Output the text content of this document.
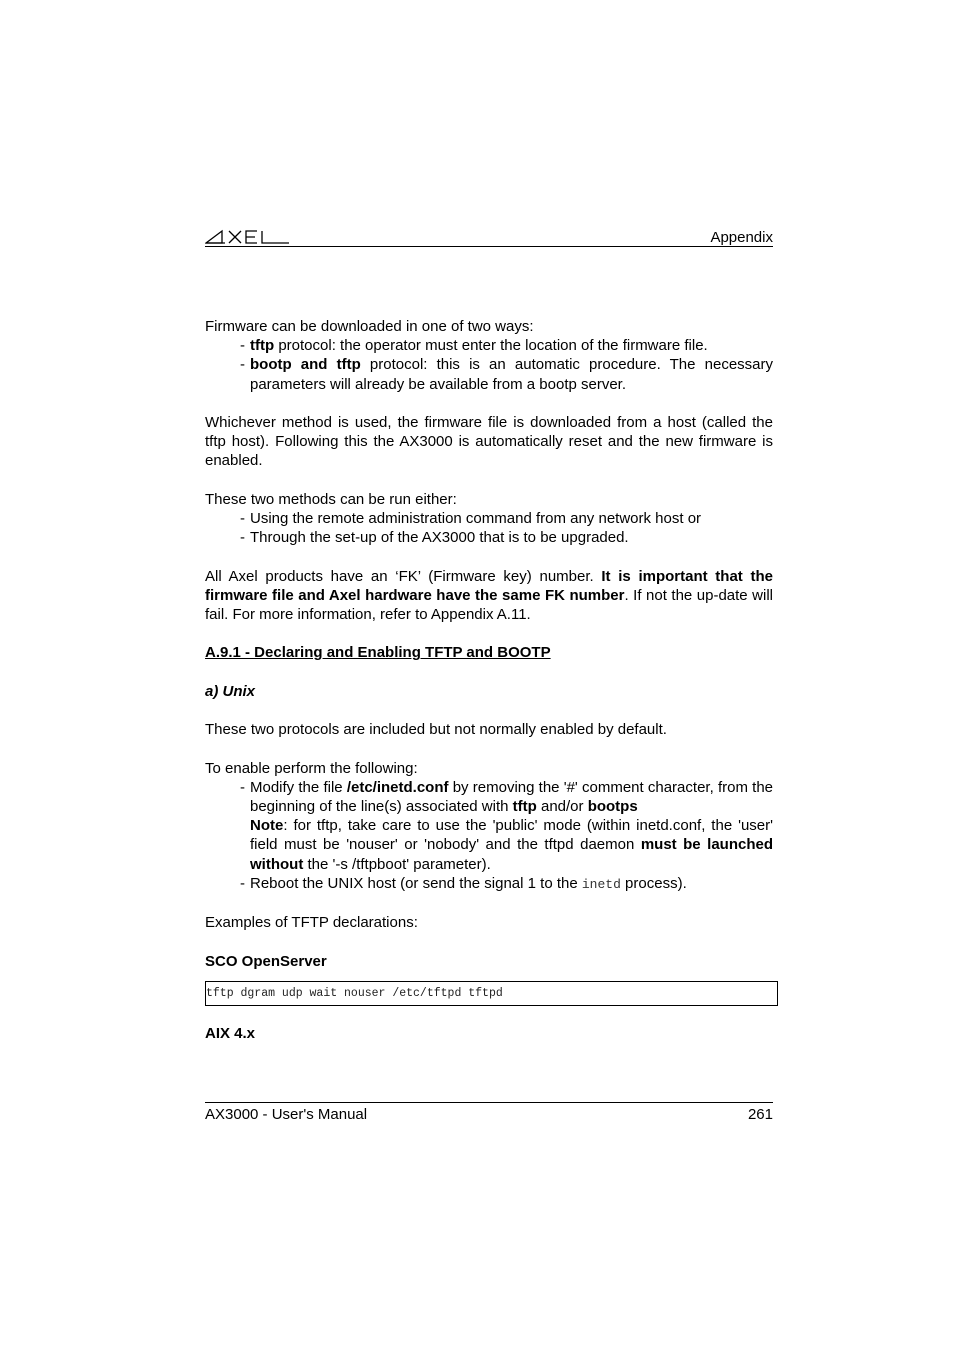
Appendix

Firmware can be downloaded in one of two ways:

- tftp protocol: the operator must enter the location of the firmware file.
- bootp and tftp protocol: this is an automatic procedure. The necessary parameters will already be available from a bootp server.

Whichever method is used, the firmware file is downloaded from a host (called the tftp host). Following this the AX3000 is automatically reset and the new firmware is enabled.

These two methods can be run either:

- Using the remote administration command from any network host or
- Through the set-up of the AX3000 that is to be upgraded.

All Axel products have an ‘FK’ (Firmware key) number. It is important that the firmware file and Axel hardware have the same FK number. If not the up-date will fail. For more information, refer to Appendix A.11.

A.9.1 - Declaring and Enabling TFTP and BOOTP

a) Unix

These two protocols are included but not normally enabled by default.

To enable perform the following:

- Modify the file /etc/inetd.conf by removing the '#' comment character, from the beginning of the line(s) associated with tftp and/or bootps
Note: for tftp, take care to use the 'public' mode (within inetd.conf, the 'user' field must be 'nouser' or 'nobody' and the tftpd daemon must be launched without the '-s /tftpboot' parameter).
- Reboot the UNIX host (or send the signal 1 to the inetd process).

Examples of TFTP declarations:

SCO OpenServer

tftp dgram udp wait nouser /etc/tftpd tftpd

AIX 4.x

AX3000 - User's Manual	261
